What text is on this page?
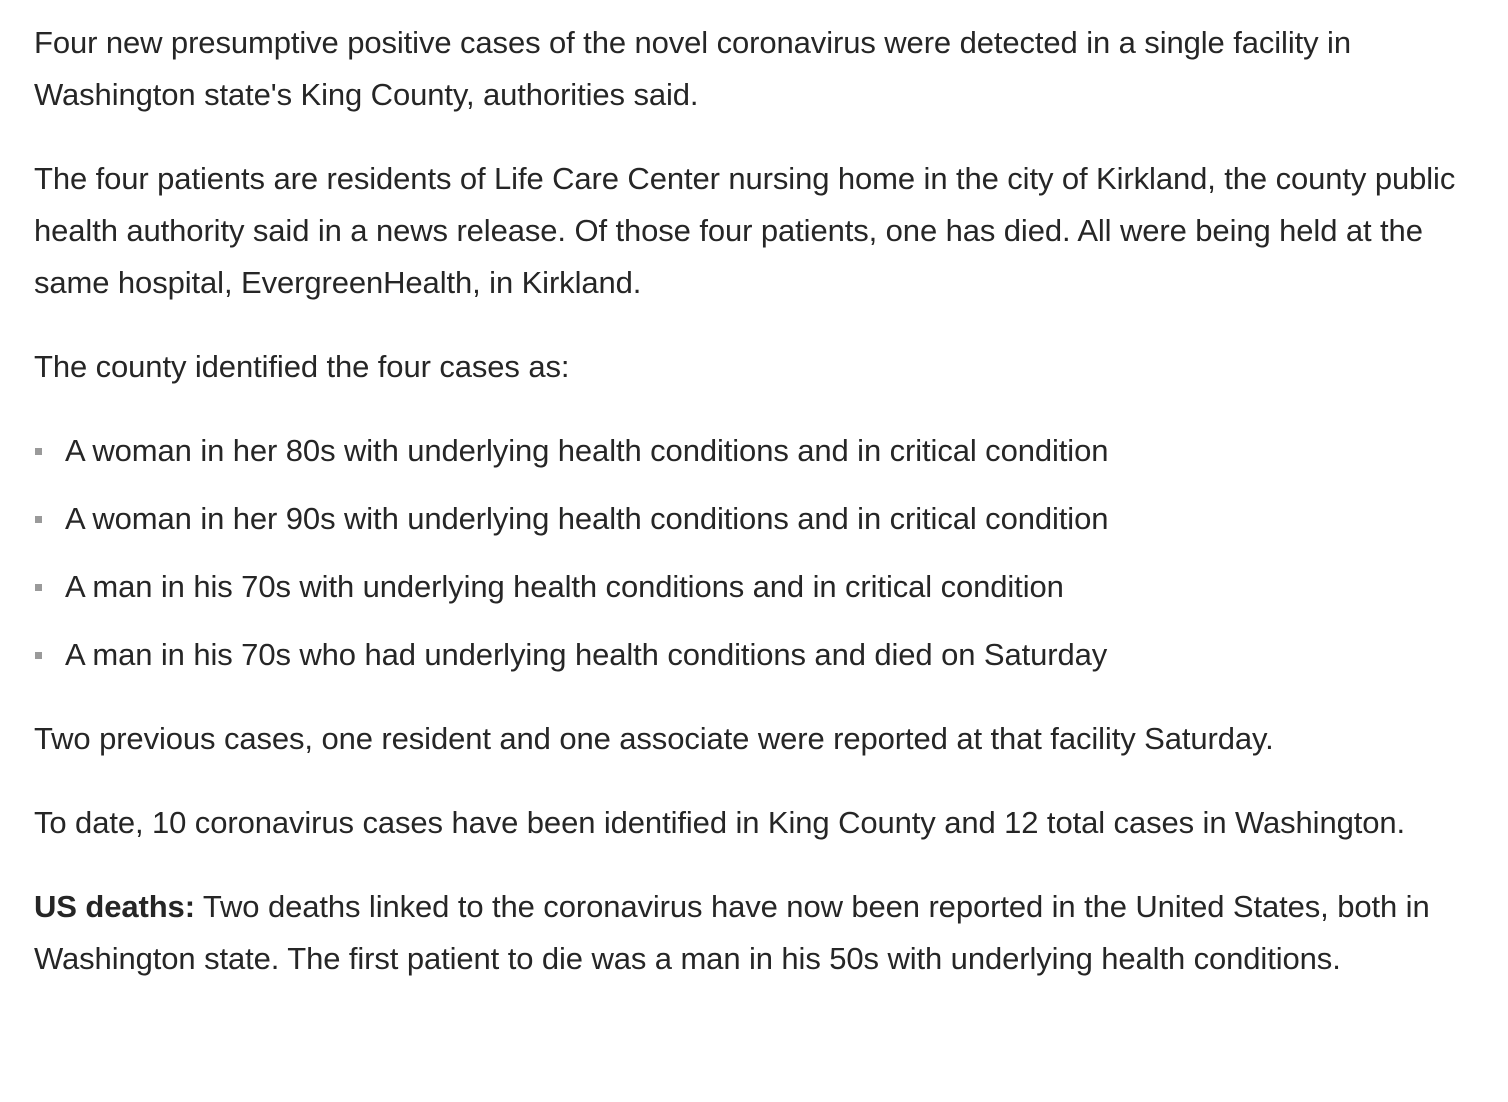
Four new presumptive positive cases of the novel coronavirus were detected in a single facility in Washington state's King County, authorities said.

The four patients are residents of Life Care Center nursing home in the city of Kirkland, the county public health authority said in a news release. Of those four patients, one has died. All were being held at the same hospital, EvergreenHealth, in Kirkland.

The county identified the four cases as:

A woman in her 80s with underlying health conditions and in critical condition
A woman in her 90s with underlying health conditions and in critical condition
A man in his 70s with underlying health conditions and in critical condition
A man in his 70s who had underlying health conditions and died on Saturday

Two previous cases, one resident and one associate were reported at that facility Saturday.

To date, 10 coronavirus cases have been identified in King County and 12 total cases in Washington.

US deaths: Two deaths linked to the coronavirus have now been reported in the United States, both in Washington state. The first patient to die was a man in his 50s with underlying health conditions.
